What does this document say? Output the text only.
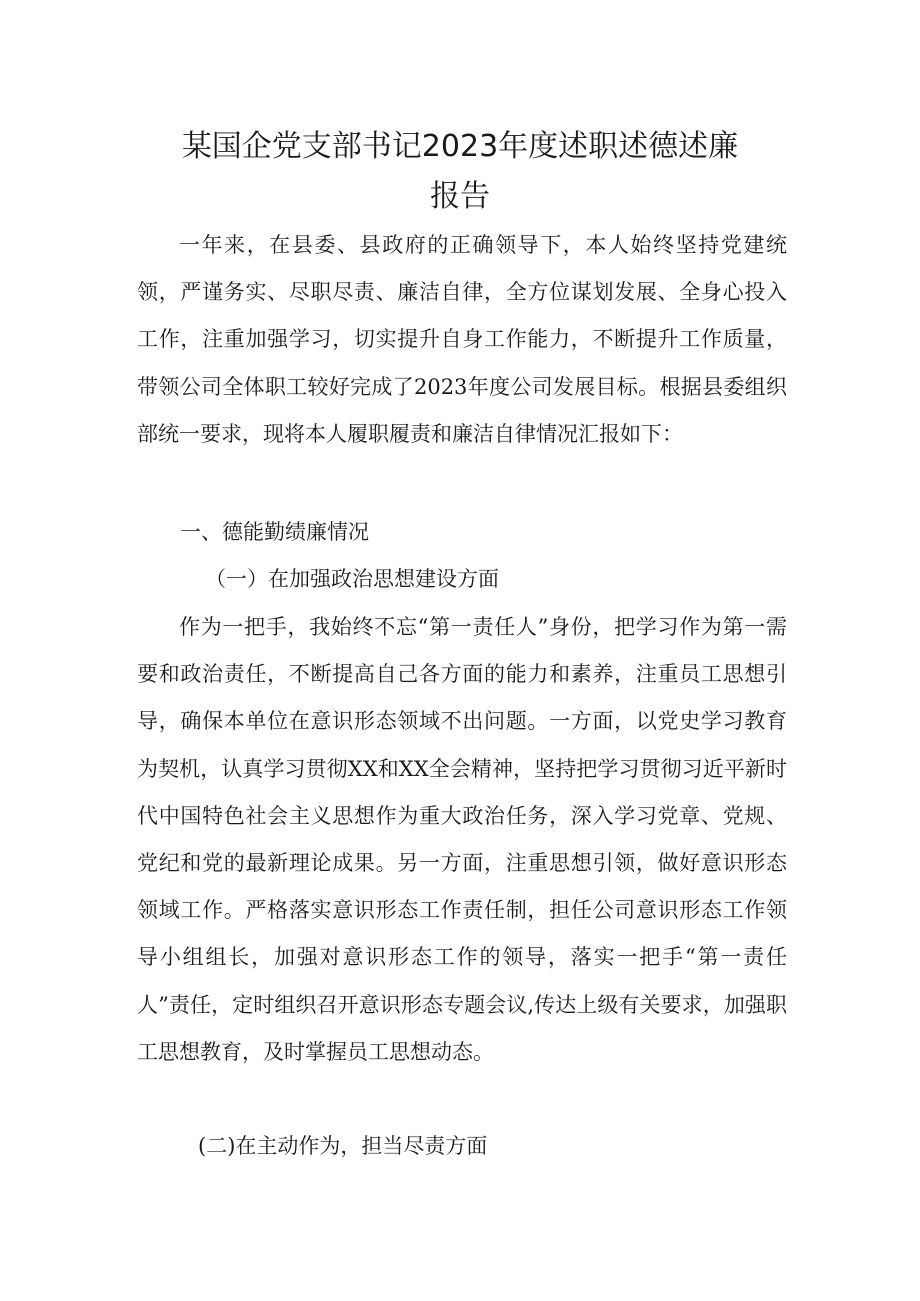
某国企党支部书记2023年度述职述德述廉
报告

一年来，在县委、县政府的正确领导下，本人始终坚持党建统领，严谨务实、尽职尽责、廉洁自律，全方位谋划发展、全身心投入工作，注重加强学习，切实提升自身工作能力，不断提升工作质量，带领公司全体职工较好完成了2023年度公司发展目标。根据县委组织部统一要求，现将本人履职履责和廉洁自律情况汇报如下：

一、德能勤绩廉情况

（一）在加强政治思想建设方面

作为一把手，我始终不忘“第一责任人”身份，把学习作为第一需要和政治责任，不断提高自己各方面的能力和素养，注重员工思想引导，确保本单位在意识形态领域不出问题。一方面，以党史学习教育为契机，认真学习贯彻XX和XX全会精神，坚持把学习贯彻习近平新时代中国特色社会主义思想作为重大政治任务，深入学习党章、党规、党纪和党的最新理论成果。另一方面，注重思想引领，做好意识形态领域工作。严格落实意识形态工作责任制，担任公司意识形态工作领导小组组长，加强对意识形态工作的领导，落实一把手“第一责任人”责任，定时组织召开意识形态专题会议,传达上级有关要求，加强职工思想教育，及时掌握员工思想动态。

(二)在主动作为，担当尽责方面
